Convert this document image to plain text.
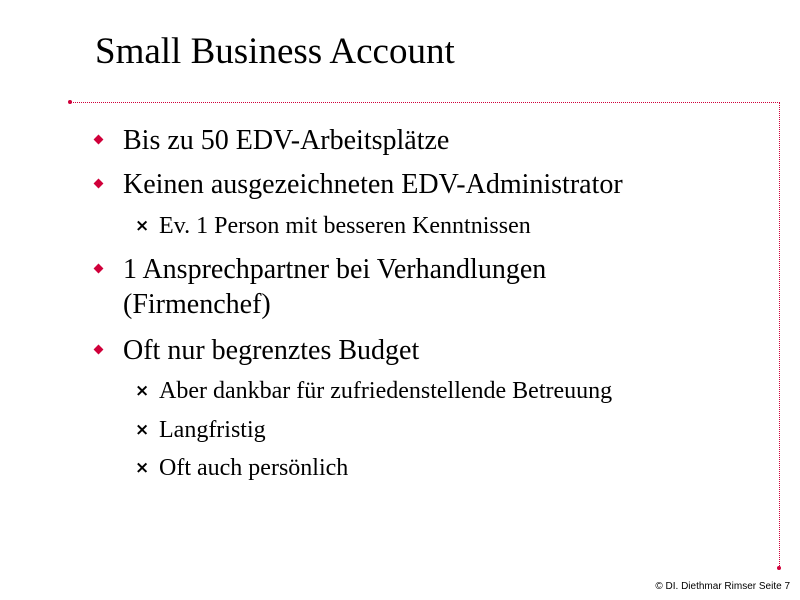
Small Business Account
Bis zu 50 EDV-Arbeitsplätze
Keinen ausgezeichneten EDV-Administrator
× Ev. 1 Person mit besseren Kenntnissen
1 Ansprechpartner bei Verhandlungen
(Firmenchef)
Oft nur begrenztes Budget
× Aber dankbar für zufriedenstellende Betreuung
× Langfristig
× Oft auch persönlich
© DI. Diethmar Rimser Seite 7
